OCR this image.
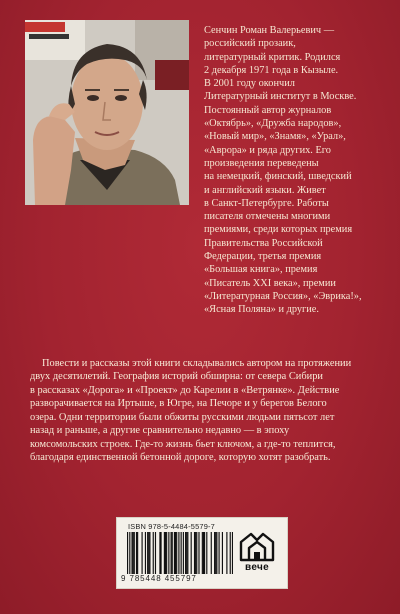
Сенчин Роман Валерьевич —
российский прозаик,
литературный критик. Родился
2 декабря 1971 года в Кызыле.
В 2001 году окончил
Литературный институт в Москве.
Постоянный автор журналов
«Октябрь», «Дружба народов»,
«Новый мир», «Знамя», «Урал»,
«Аврора» и ряда других. Его
произведения переведены
на немецкий, финский, шведский
и английский языки. Живет
в Санкт-Петербурге. Работы
писателя отмечены многими
премиями, среди которых премия
Правительства Российской
Федерации, третья премия
«Большая книга», премия
«Писатель XXI века», премии
«Литературная Россия», «Эврика!»,
«Ясная Поляна» и другие.
Повести и рассказы этой книги складывались автором на протяжении
двух десятилетий. География историй обширна: от севера Сибири
в рассказах «Дорога» и «Проект» до Карелии в «Ветрянке». Действие
разворачивается на Иртыше, в Югре, на Печоре и у берегов Белого
озера. Одни территории были обжиты русскими людьми пятьсот лет
назад и раньше, а другие сравнительно недавно — в эпоху
комсомольских строек. Где-то жизнь бьет ключом, а где-то теплится,
благодаря единственной бетонной дороге, которую хотят разобрать.
ISBN 978-5-4484-5579-7
9 785448 455797
вече
